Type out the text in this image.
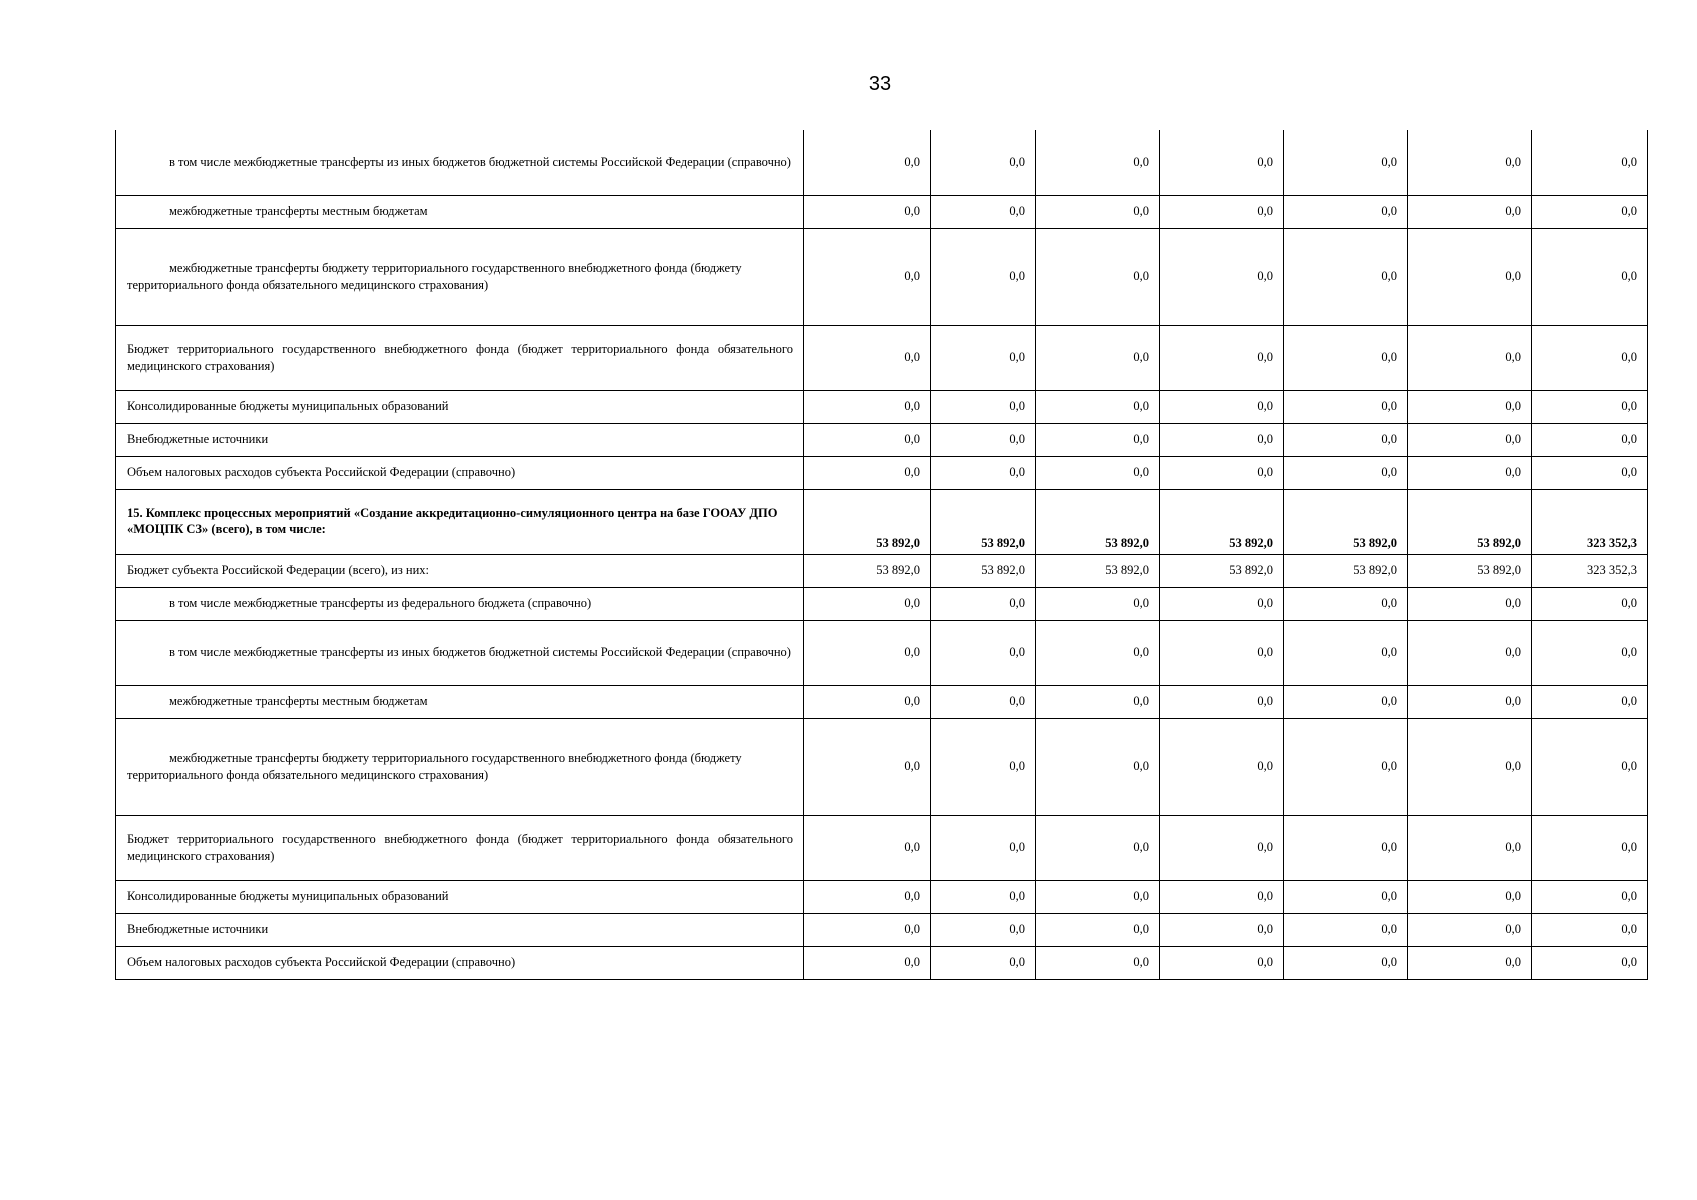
33
в том числе межбюджетные трансферты из иных бюджетов бюджетной системы Российской Федерации (справочно)	0,0	0,0	0,0	0,0	0,0	0,0	0,0
межбюджетные трансферты местным бюджетам	0,0	0,0	0,0	0,0	0,0	0,0	0,0
межбюджетные трансферты бюджету территориального государственного внебюджетного фонда (бюджету территориального фонда обязательного медицинского страхования)	0,0	0,0	0,0	0,0	0,0	0,0	0,0
Бюджет территориального государственного внебюджетного фонда (бюджет территориального фонда обязательного медицинского страхования)	0,0	0,0	0,0	0,0	0,0	0,0	0,0
Консолидированные бюджеты муниципальных образований	0,0	0,0	0,0	0,0	0,0	0,0	0,0
Внебюджетные источники	0,0	0,0	0,0	0,0	0,0	0,0	0,0
Объем налоговых расходов субъекта Российской Федерации (справочно)	0,0	0,0	0,0	0,0	0,0	0,0	0,0
15. Комплекс процессных мероприятий «Создание аккредитационно-симуляционного центра на базе ГООАУ ДПО «МОЦПК СЗ» (всего), в том числе:	53 892,0	53 892,0	53 892,0	53 892,0	53 892,0	53 892,0	323 352,3
Бюджет субъекта Российской Федерации (всего), из них:	53 892,0	53 892,0	53 892,0	53 892,0	53 892,0	53 892,0	323 352,3
в том числе межбюджетные трансферты из федерального бюджета (справочно)	0,0	0,0	0,0	0,0	0,0	0,0	0,0
в том числе межбюджетные трансферты из иных бюджетов бюджетной системы Российской Федерации (справочно)	0,0	0,0	0,0	0,0	0,0	0,0	0,0
межбюджетные трансферты местным бюджетам	0,0	0,0	0,0	0,0	0,0	0,0	0,0
межбюджетные трансферты бюджету территориального государственного внебюджетного фонда (бюджету территориального фонда обязательного медицинского страхования)	0,0	0,0	0,0	0,0	0,0	0,0	0,0
Бюджет территориального государственного внебюджетного фонда (бюджет территориального фонда обязательного медицинского страхования)	0,0	0,0	0,0	0,0	0,0	0,0	0,0
Консолидированные бюджеты муниципальных образований	0,0	0,0	0,0	0,0	0,0	0,0	0,0
Внебюджетные источники	0,0	0,0	0,0	0,0	0,0	0,0	0,0
Объем налоговых расходов субъекта Российской Федерации (справочно)	0,0	0,0	0,0	0,0	0,0	0,0	0,0
